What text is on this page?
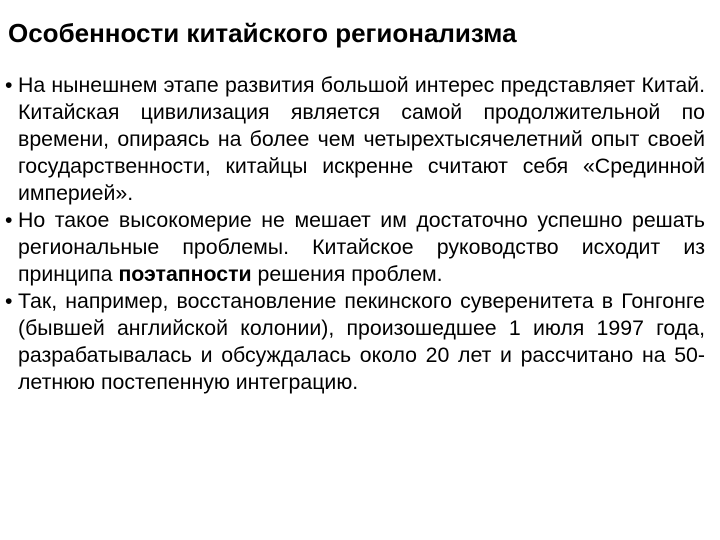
Особенности китайского регионализма
• На нынешнем этапе развития большой интерес представляет Китай. Китайская цивилизация является самой продолжительной по времени, опираясь на более чем четырехтысячелетний опыт своей государственности, китайцы искренне считают себя «Срединной империей».
• Но такое высокомерие не мешает им достаточно успешно решать региональные проблемы. Китайское руководство исходит из принципа поэтапности решения проблем.
• Так, например, восстановление пекинского суверенитета в Гонгонге (бывшей английской колонии), произошедшее 1 июля 1997 года, разрабатывалась и обсуждалась около 20 лет и рассчитано на 50-летнюю постепенную интеграцию.
